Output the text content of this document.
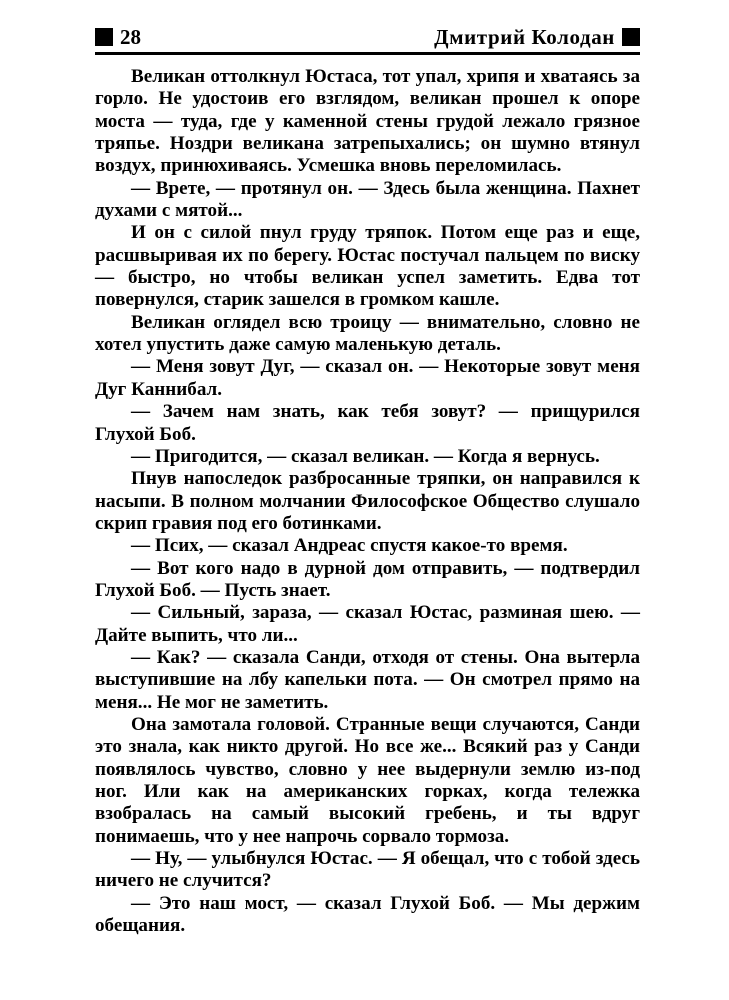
28	Дмитрий Колодан

Великан оттолкнул Юстаса, тот упал, хрипя и хватаясь за горло. Не удостоив его взглядом, великан прошел к опоре моста — туда, где у каменной стены грудой лежало грязное тряпье. Ноздри великана затрепыхались; он шумно втянул воздух, принюхиваясь. Усмешка вновь переломилась.

— Врете, — протянул он. — Здесь была женщина. Пахнет духами с мятой...

И он с силой пнул груду тряпок. Потом еще раз и еще, расшвыривая их по берегу. Юстас постучал пальцем по виску — быстро, но чтобы великан успел заметить. Едва тот повернулся, старик зашелся в громком кашле.

Великан оглядел всю троицу — внимательно, словно не хотел упустить даже самую маленькую деталь.

— Меня зовут Дуг, — сказал он. — Некоторые зовут меня Дуг Каннибал.

— Зачем нам знать, как тебя зовут? — прищурился Глухой Боб.

— Пригодится, — сказал великан. — Когда я вернусь.

Пнув напоследок разбросанные тряпки, он направился к насыпи. В полном молчании Философское Общество слушало скрип гравия под его ботинками.

— Псих, — сказал Андреас спустя какое-то время.

— Вот кого надо в дурной дом отправить, — подтвердил Глухой Боб. — Пусть знает.

— Сильный, зараза, — сказал Юстас, разминая шею. — Дайте выпить, что ли...

— Как? — сказала Санди, отходя от стены. Она вытерла выступившие на лбу капельки пота. — Он смотрел прямо на меня... Не мог не заметить.

Она замотала головой. Странные вещи случаются, Санди это знала, как никто другой. Но все же... Всякий раз у Санди появлялось чувство, словно у нее выдернули землю из-под ног. Или как на американских горках, когда тележка взобралась на самый высокий гребень, и ты вдруг понимаешь, что у нее напрочь сорвало тормоза.

— Ну, — улыбнулся Юстас. — Я обещал, что с тобой здесь ничего не случится?

— Это наш мост, — сказал Глухой Боб. — Мы держим обещания.
